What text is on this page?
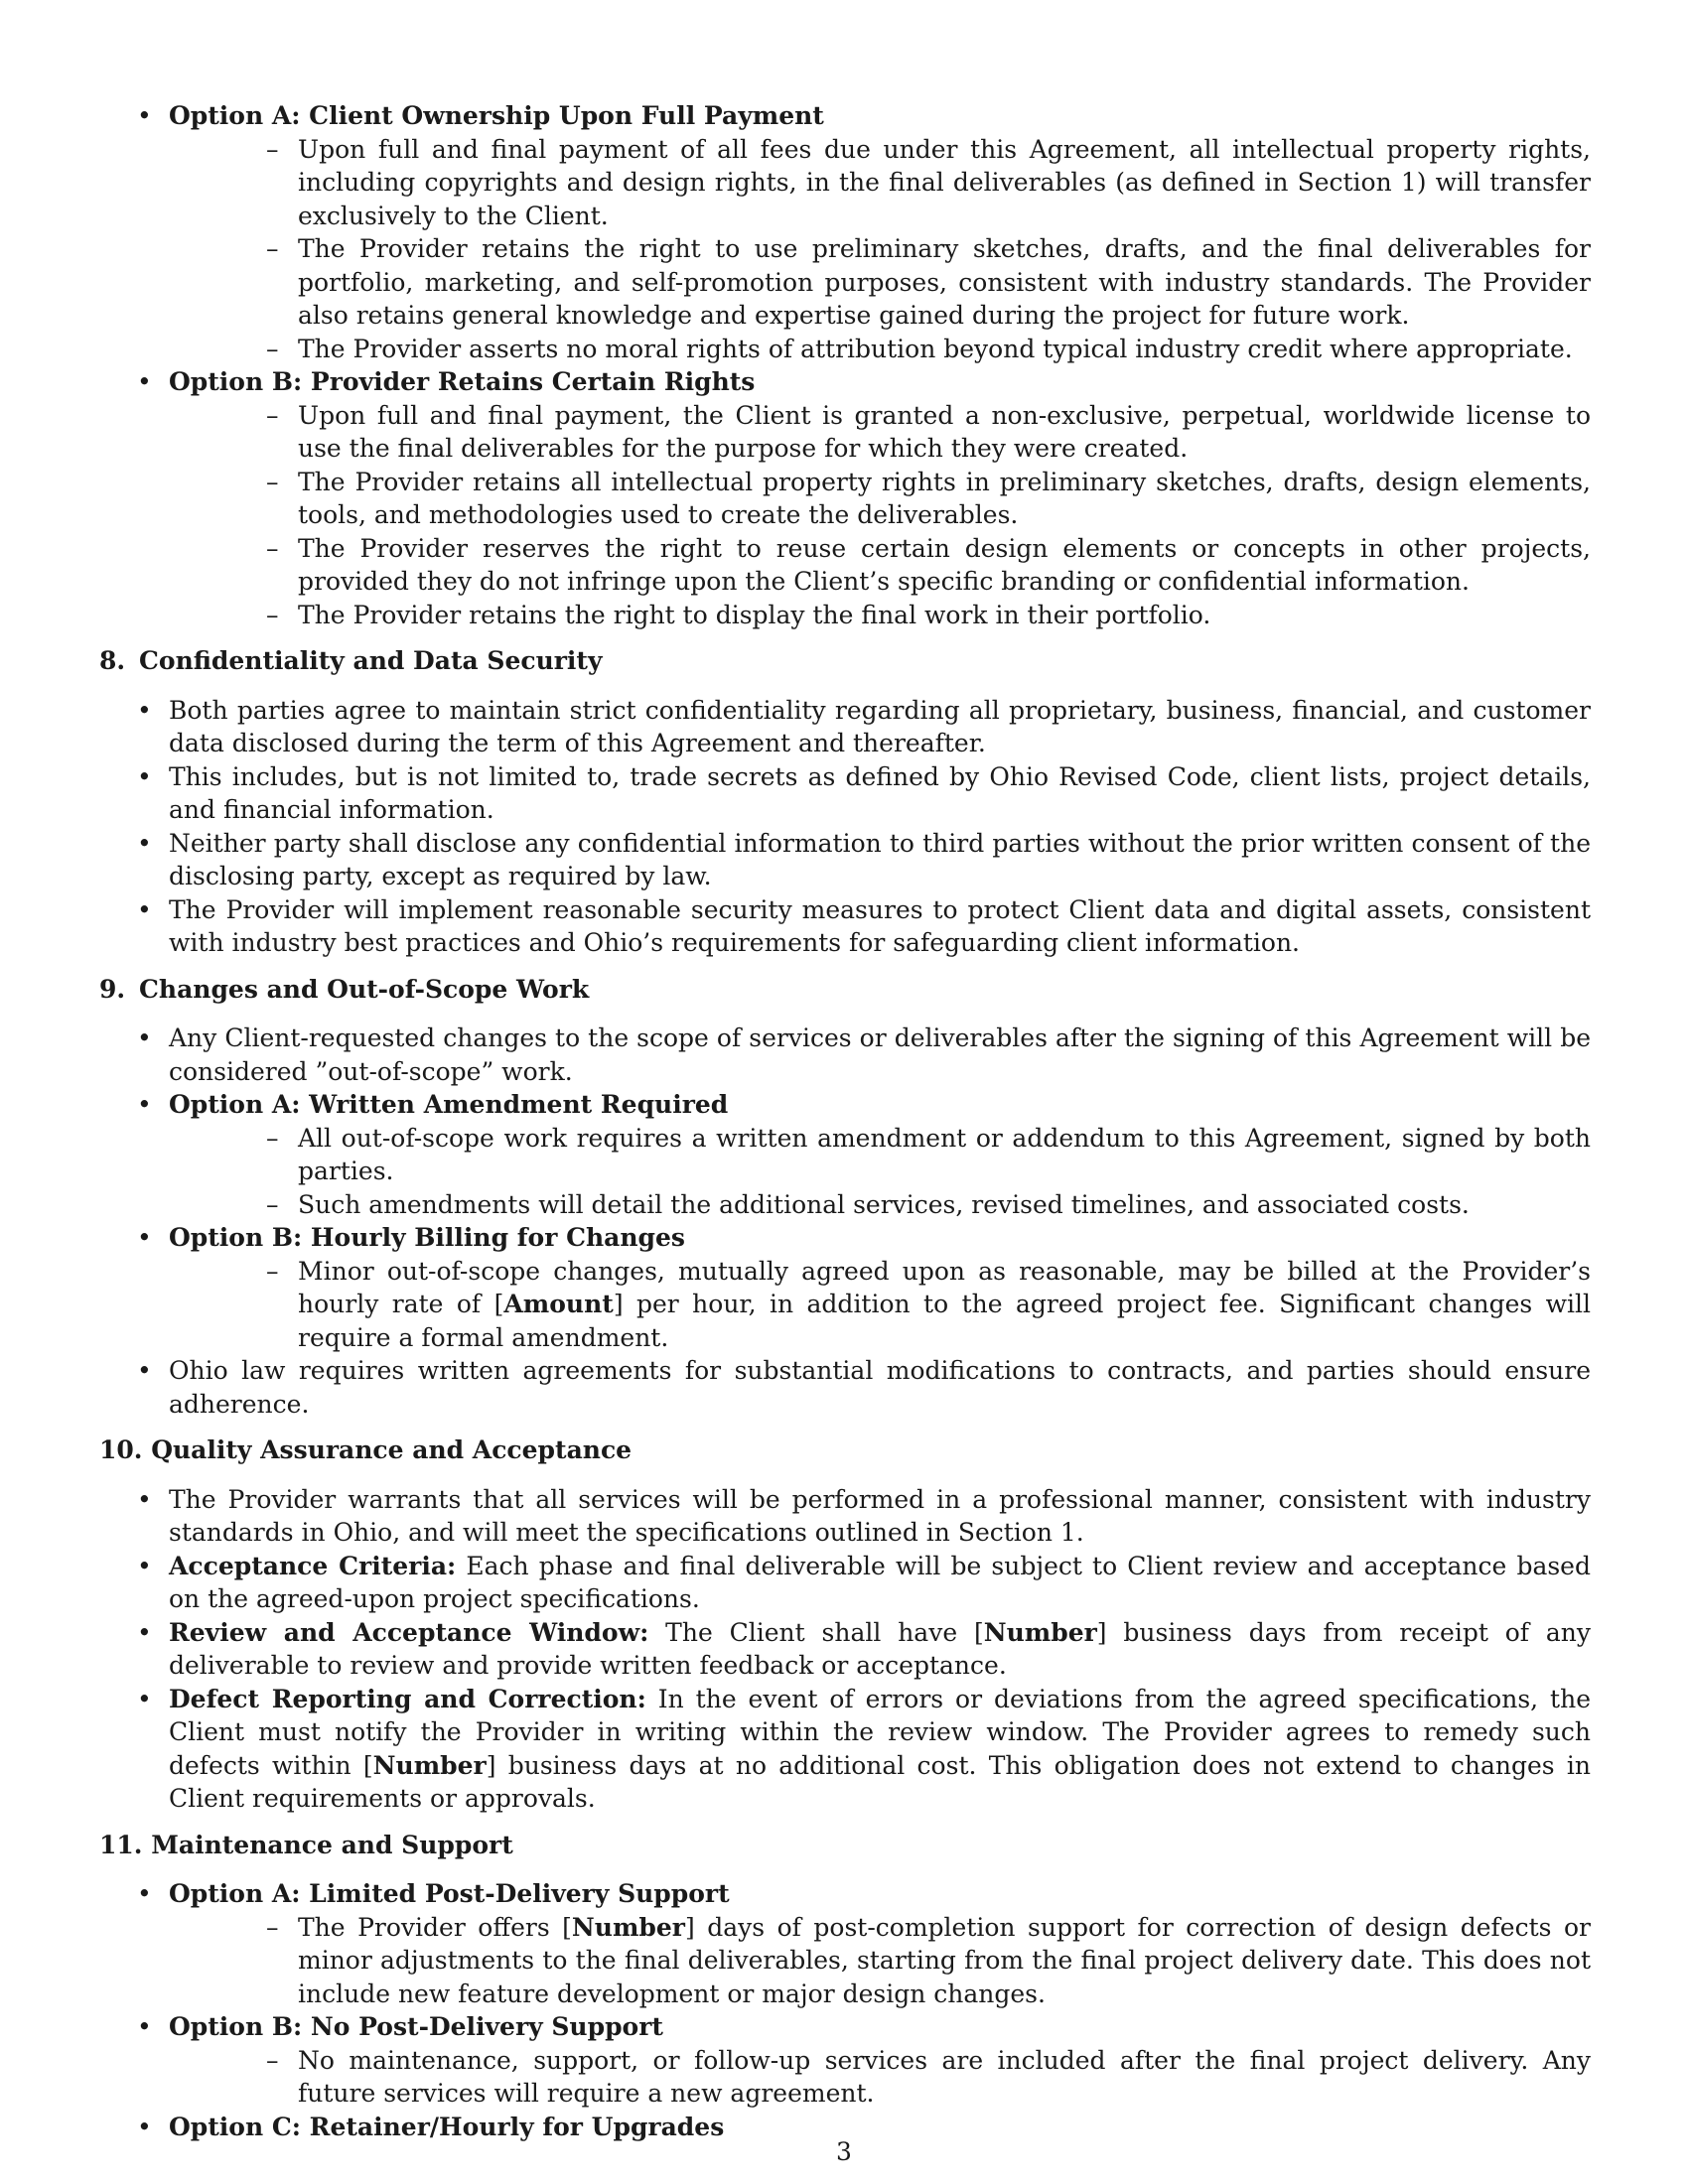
• Option A: Client Ownership Upon Full Payment
– Upon full and final payment of all fees due under this Agreement, all intellectual property rights, including copyrights and design rights, in the final deliverables (as defined in Section 1) will transfer exclusively to the Client.
– The Provider retains the right to use preliminary sketches, drafts, and the final deliverables for portfolio, marketing, and self-promotion purposes, consistent with industry standards. The Provider also retains general knowledge and expertise gained during the project for future work.
– The Provider asserts no moral rights of attribution beyond typical industry credit where appropriate.
• Option B: Provider Retains Certain Rights
– Upon full and final payment, the Client is granted a non-exclusive, perpetual, worldwide license to use the final deliverables for the purpose for which they were created.
– The Provider retains all intellectual property rights in preliminary sketches, drafts, design elements, tools, and methodologies used to create the deliverables.
– The Provider reserves the right to reuse certain design elements or concepts in other projects, provided they do not infringe upon the Client’s specific branding or confidential information.
– The Provider retains the right to display the final work in their portfolio.

8. Confidentiality and Data Security

• Both parties agree to maintain strict confidentiality regarding all proprietary, business, financial, and customer data disclosed during the term of this Agreement and thereafter.
• This includes, but is not limited to, trade secrets as defined by Ohio Revised Code, client lists, project details, and financial information.
• Neither party shall disclose any confidential information to third parties without the prior written consent of the disclosing party, except as required by law.
• The Provider will implement reasonable security measures to protect Client data and digital assets, consistent with industry best practices and Ohio’s requirements for safeguarding client information.

9. Changes and Out-of-Scope Work

• Any Client-requested changes to the scope of services or deliverables after the signing of this Agreement will be considered ”out-of-scope” work.
• Option A: Written Amendment Required
– All out-of-scope work requires a written amendment or addendum to this Agreement, signed by both parties.
– Such amendments will detail the additional services, revised timelines, and associated costs.
• Option B: Hourly Billing for Changes
– Minor out-of-scope changes, mutually agreed upon as reasonable, may be billed at the Provider’s hourly rate of [Amount] per hour, in addition to the agreed project fee. Significant changes will require a formal amendment.
• Ohio law requires written agreements for substantial modifications to contracts, and parties should ensure adherence.

10. Quality Assurance and Acceptance

• The Provider warrants that all services will be performed in a professional manner, consistent with industry standards in Ohio, and will meet the specifications outlined in Section 1.
• Acceptance Criteria: Each phase and final deliverable will be subject to Client review and acceptance based on the agreed-upon project specifications.
• Review and Acceptance Window: The Client shall have [Number] business days from receipt of any deliverable to review and provide written feedback or acceptance.
• Defect Reporting and Correction: In the event of errors or deviations from the agreed specifications, the Client must notify the Provider in writing within the review window. The Provider agrees to remedy such defects within [Number] business days at no additional cost. This obligation does not extend to changes in Client requirements or approvals.

11. Maintenance and Support

• Option A: Limited Post-Delivery Support
– The Provider offers [Number] days of post-completion support for correction of design defects or minor adjustments to the final deliverables, starting from the final project delivery date. This does not include new feature development or major design changes.
• Option B: No Post-Delivery Support
– No maintenance, support, or follow-up services are included after the final project delivery. Any future services will require a new agreement.
• Option C: Retainer/Hourly for Upgrades
3
